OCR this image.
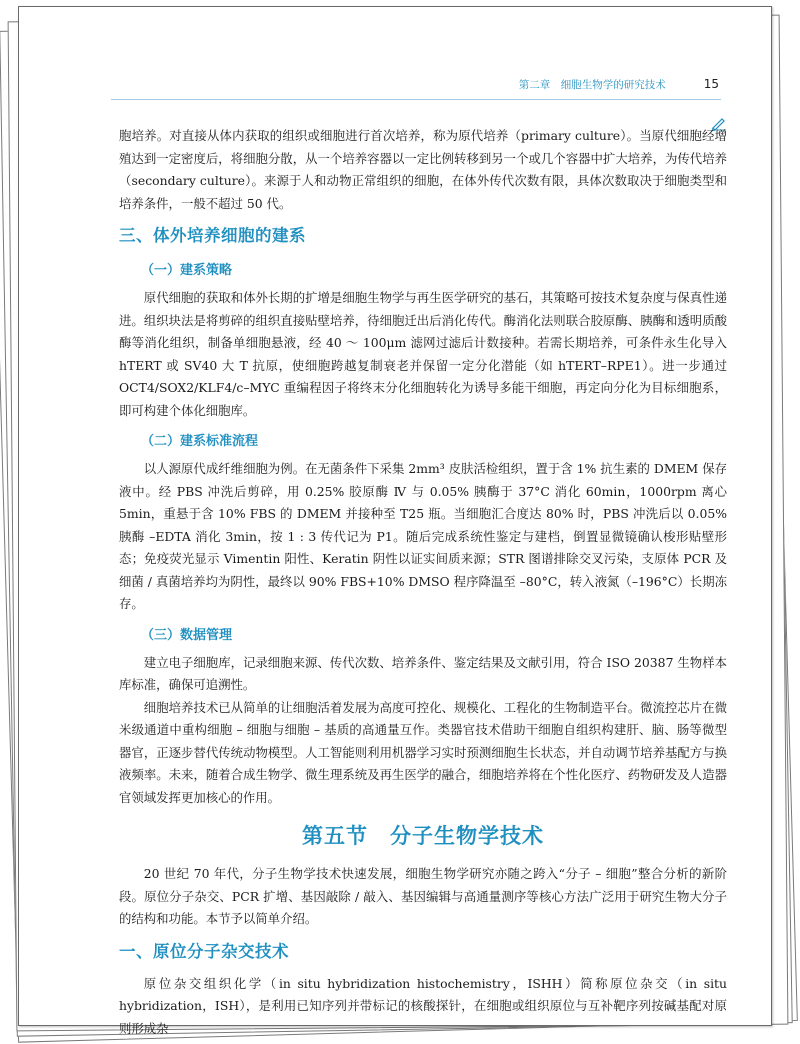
第二章　细胞生物学的研究技术	15

胞培养。对直接从体内获取的组织或细胞进行首次培养，称为原代培养（primary culture）。当原代细胞经增殖达到一定密度后，将细胞分散，从一个培养容器以一定比例转移到另一个或几个容器中扩大培养，为传代培养（secondary culture）。来源于人和动物正常组织的细胞，在体外传代次数有限，具体次数取决于细胞类型和培养条件，一般不超过 50 代。

三、体外培养细胞的建系
（一）建系策略

原代细胞的获取和体外长期的扩增是细胞生物学与再生医学研究的基石，其策略可按技术复杂度与保真性递进。组织块法是将剪碎的组织直接贴壁培养，待细胞迁出后消化传代。酶消化法则联合胶原酶、胰酶和透明质酸酶等消化组织，制备单细胞悬液，经 40 ～ 100μm 滤网过滤后计数接种。若需长期培养，可条件永生化导入 hTERT 或 SV40 大 T 抗原，使细胞跨越复制衰老并保留一定分化潜能（如 hTERT–RPE1）。进一步通过 OCT4/SOX2/KLF4/c–MYC 重编程因子将终末分化细胞转化为诱导多能干细胞，再定向分化为目标细胞系，即可构建个体化细胞库。

（二）建系标准流程

以人源原代成纤维细胞为例。在无菌条件下采集 2mm³ 皮肤活检组织，置于含 1% 抗生素的 DMEM 保存液中。经 PBS 冲洗后剪碎，用 0.25% 胶原酶 Ⅳ 与 0.05% 胰酶于 37°C 消化 60min，1000rpm 离心 5min，重悬于含 10% FBS 的 DMEM 并接种至 T25 瓶。当细胞汇合度达 80% 时，PBS 冲洗后以 0.05% 胰酶 –EDTA 消化 3min，按 1 : 3 传代记为 P1。随后完成系统性鉴定与建档，倒置显微镜确认梭形贴壁形态；免疫荧光显示 Vimentin 阳性、Keratin 阴性以证实间质来源；STR 图谱排除交叉污染，支原体 PCR 及细菌 / 真菌培养均为阴性，最终以 90% FBS+10% DMSO 程序降温至 –80°C，转入液氮（–196°C）长期冻存。

（三）数据管理

建立电子细胞库，记录细胞来源、传代次数、培养条件、鉴定结果及文献引用，符合 ISO 20387 生物样本库标准，确保可追溯性。

细胞培养技术已从简单的让细胞活着发展为高度可控化、规模化、工程化的生物制造平台。微流控芯片在微米级通道中重构细胞 – 细胞与细胞 – 基质的高通量互作。类器官技术借助干细胞自组织构建肝、脑、肠等微型器官，正逐步替代传统动物模型。人工智能则利用机器学习实时预测细胞生长状态，并自动调节培养基配方与换液频率。未来，随着合成生物学、微生理系统及再生医学的融合，细胞培养将在个性化医疗、药物研发及人造器官领域发挥更加核心的作用。

第五节　分子生物学技术

20 世纪 70 年代，分子生物学技术快速发展，细胞生物学研究亦随之跨入“分子 – 细胞”整合分析的新阶段。原位分子杂交、PCR 扩增、基因敲除 / 敲入、基因编辑与高通量测序等核心方法广泛用于研究生物大分子的结构和功能。本节予以简单介绍。

一、原位分子杂交技术

原位杂交组织化学（in situ hybridization histochemistry，ISHH）简称原位杂交（in situ hybridization，ISH），是利用已知序列并带标记的核酸探针，在细胞或组织原位与互补靶序列按碱基配对原则形成杂
